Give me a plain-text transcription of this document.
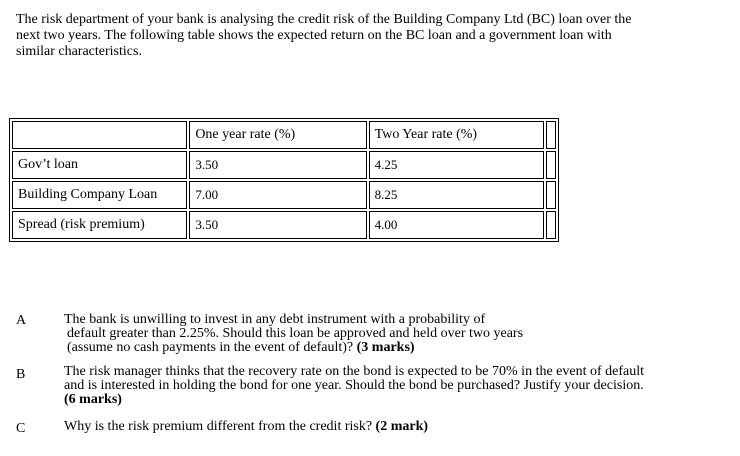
The risk department of your bank is analysing the credit risk of the Building Company Ltd (BC) loan over the
next two years. The following table shows the expected return on the BC loan and a government loan with
similar characteristics.
	One year rate (%)	Two Year rate (%)	
Gov’t loan	3.50	4.25	
Building Company Loan	7.00	8.25	
Spread (risk premium)	3.50	4.00	
A	The bank is unwilling to invest in any debt instrument with a probability of
default greater than 2.25%. Should this loan be approved and held over two years
(assume no cash payments in the event of default)? (3 marks)
B	The risk manager thinks that the recovery rate on the bond is expected to be 70% in the event of default
and is interested in holding the bond for one year. Should the bond be purchased? Justify your decision.
(6 marks)
C	Why is the risk premium different from the credit risk? (2 mark)
